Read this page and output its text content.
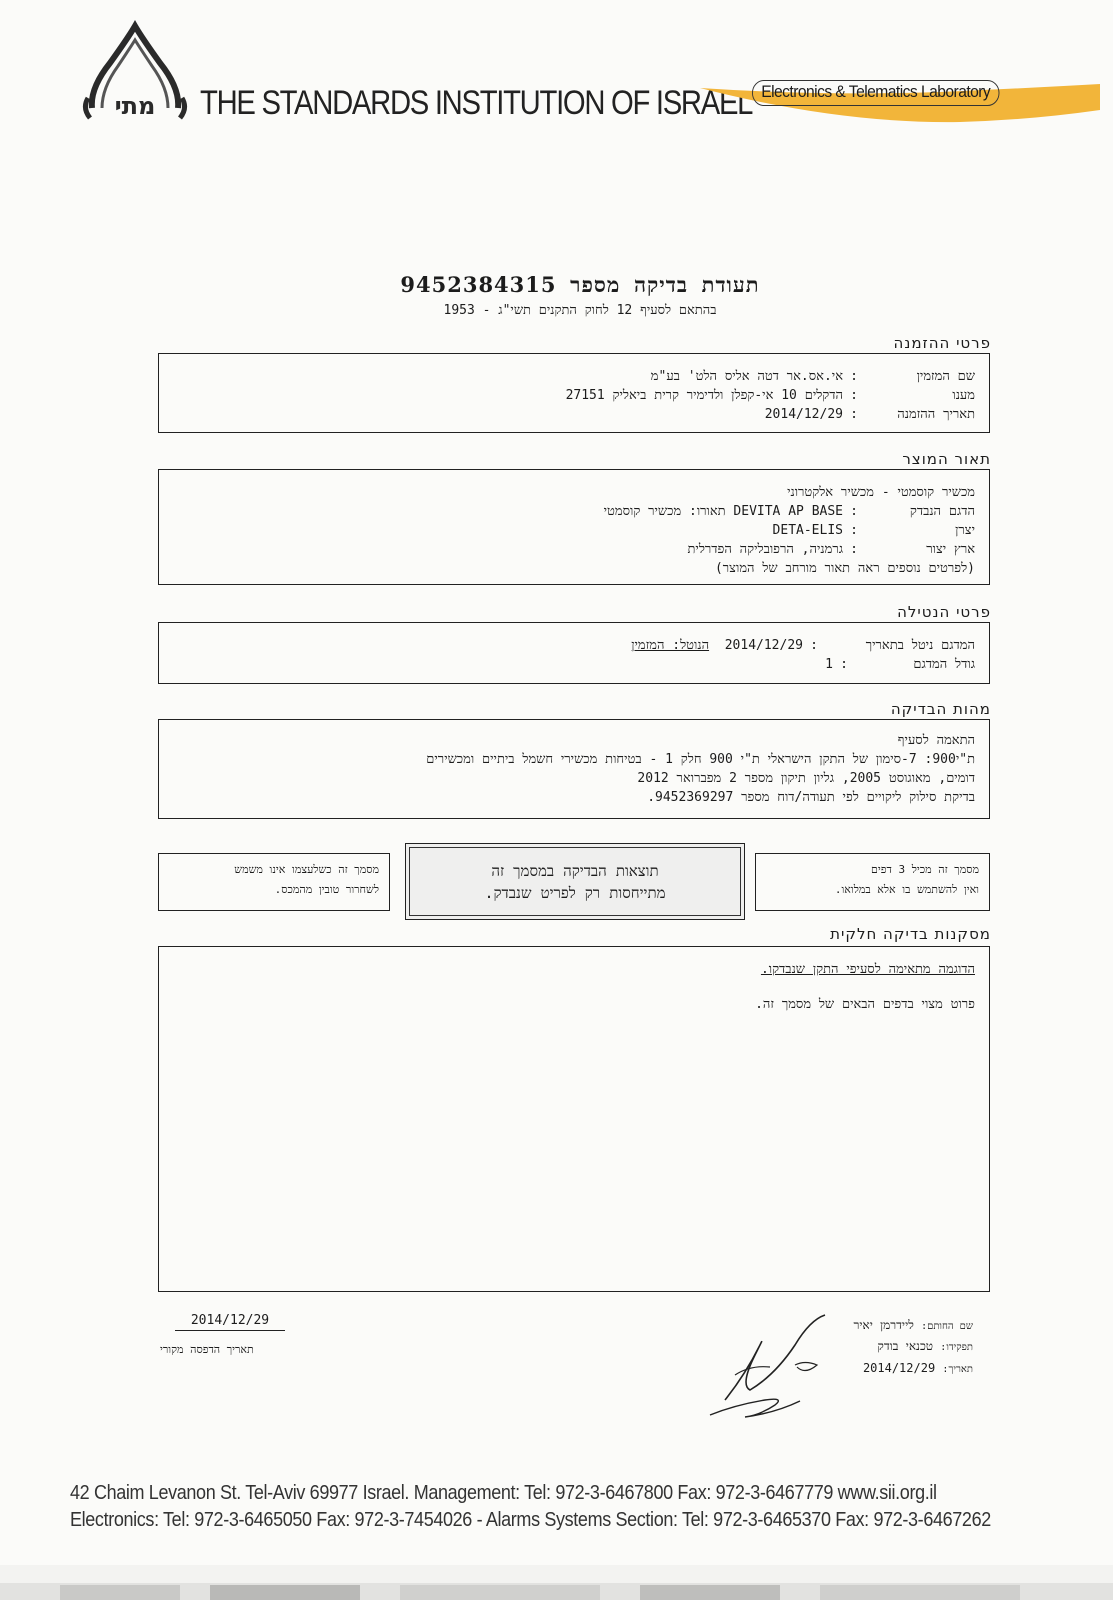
מתי THE STANDARDS INSTITUTION OF ISRAEL Electronics & Telematics Laboratory
תעודת בדיקה מספר 9452384315
בהתאם לסעיף 12 לחוק התקנים תשי"ג - 1953
פרטי ההזמנה
שם המזמין:אי.אס.אר דטה אליס הלט' בע"מ
מענו:הדקלים 10 אי-קפלן ולדימיר קרית ביאליק 27151
תאריך ההזמנה:2014/12/29
תאור המוצר
מכשיר קוסמטי - מכשיר אלקטרוני
הדגם הנבדק:DEVITA AP BASE תאורו: מכשיר קוסמטי
יצרן:DETA-ELIS
ארץ יצור:גרמניה, הרפובליקה הפדרלית
(לפרטים נוספים ראה תאור מורחב של המוצר)
פרטי הנטילה
המדגם ניטל בתאריך:2014/12/29  הנוטל: המזמין
גודל המדגם:1
מהות הבדיקה
התאמה לסעיף
ת"י900: 7-סימון של התקן הישראלי ת"י 900 חלק 1 - בטיחות מכשירי חשמל ביתיים ומכשירים
דומים, מאוגוסט 2005, גליון תיקון מספר 2 מפברואר 2012
בדיקת סילוק ליקויים לפי תעודה/דוח מספר 9452369297.
מסמך זה מכיל 3 דפים
ואין להשתמש בו אלא במלואו.
תוצאות הבדיקה במסמך זה
מתייחסות רק לפריט שנבדק.
מסמך זה כשלעצמו אינו משמש
לשחרור טובין מהמכס.
מסקנות בדיקה חלקית
הדוגמה מתאימה לסעיפי התקן שנבדקו.
פרוט מצוי בדפים הבאים של מסמך זה.
2014/12/29
תאריך הדפסה מקורי
שם החותם: ליידרמן יאיר
תפקידו: טכנאי בודק
תאריך: 2014/12/29
42 Chaim Levanon St. Tel-Aviv 69977 Israel. Management: Tel: 972-3-6467800 Fax: 972-3-6467779 www.sii.org.il
Electronics: Tel: 972-3-6465050 Fax: 972-3-7454026 - Alarms Systems Section: Tel: 972-3-6465370 Fax: 972-3-6467262
